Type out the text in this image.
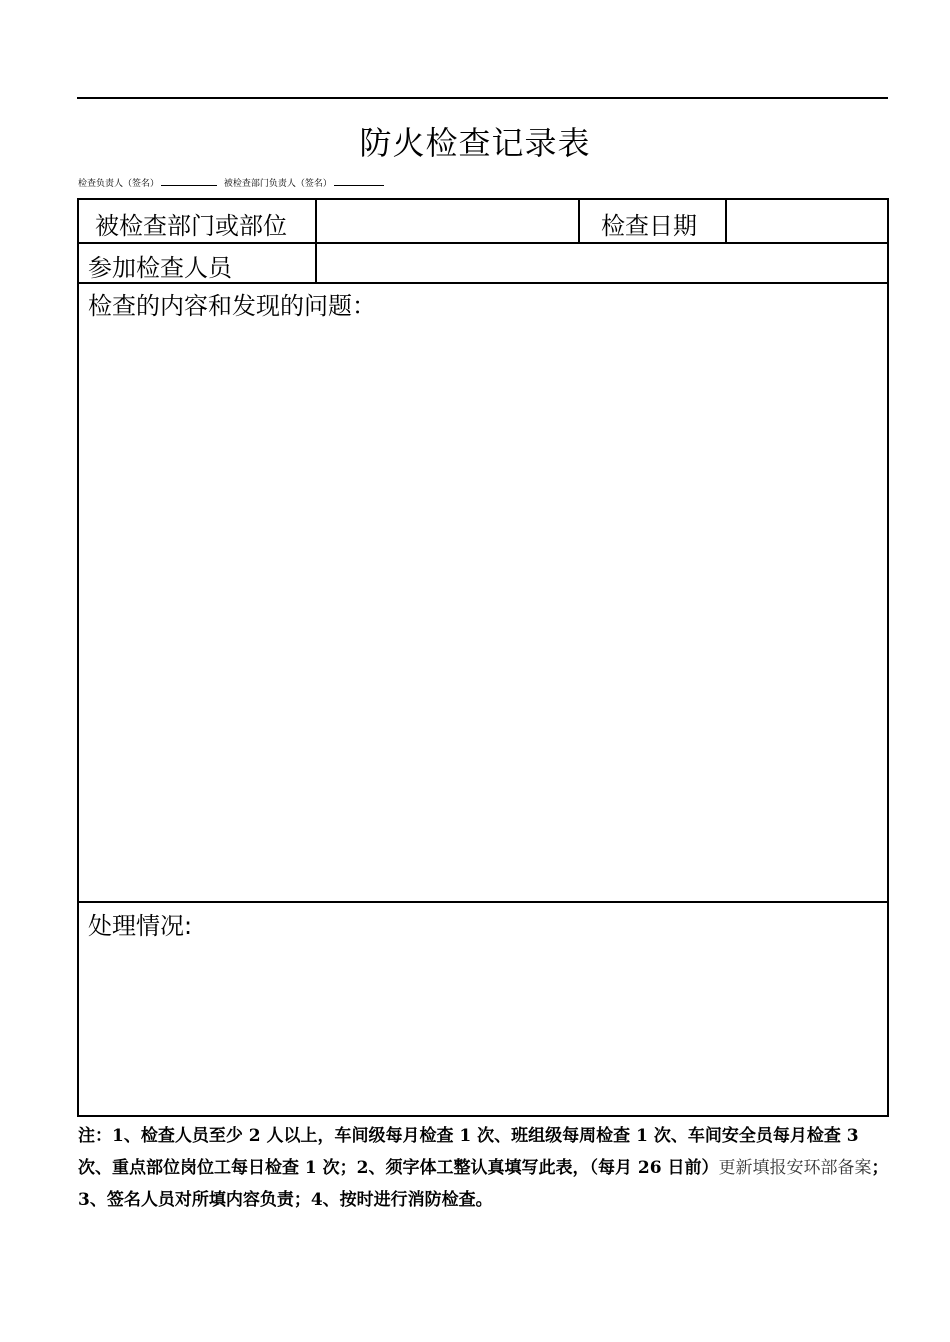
防火检查记录表
检查负责人（签名）	被检查部门负责人（签名）
被检查部门或部位	检查日期
参加检查人员
检查的内容和发现的问题：
处理情况:
注：1、检查人员至少 2 人以上，车间级每月检查 1 次、班组级每周检查 1 次、车间安全员每月检查 3 次、重点部位岗位工每日检查 1 次；2、须字体工整认真填写此表，（每月 26 日前）更新填报安环部备案；3、签名人员对所填内容负责；4、按时进行消防检查。
